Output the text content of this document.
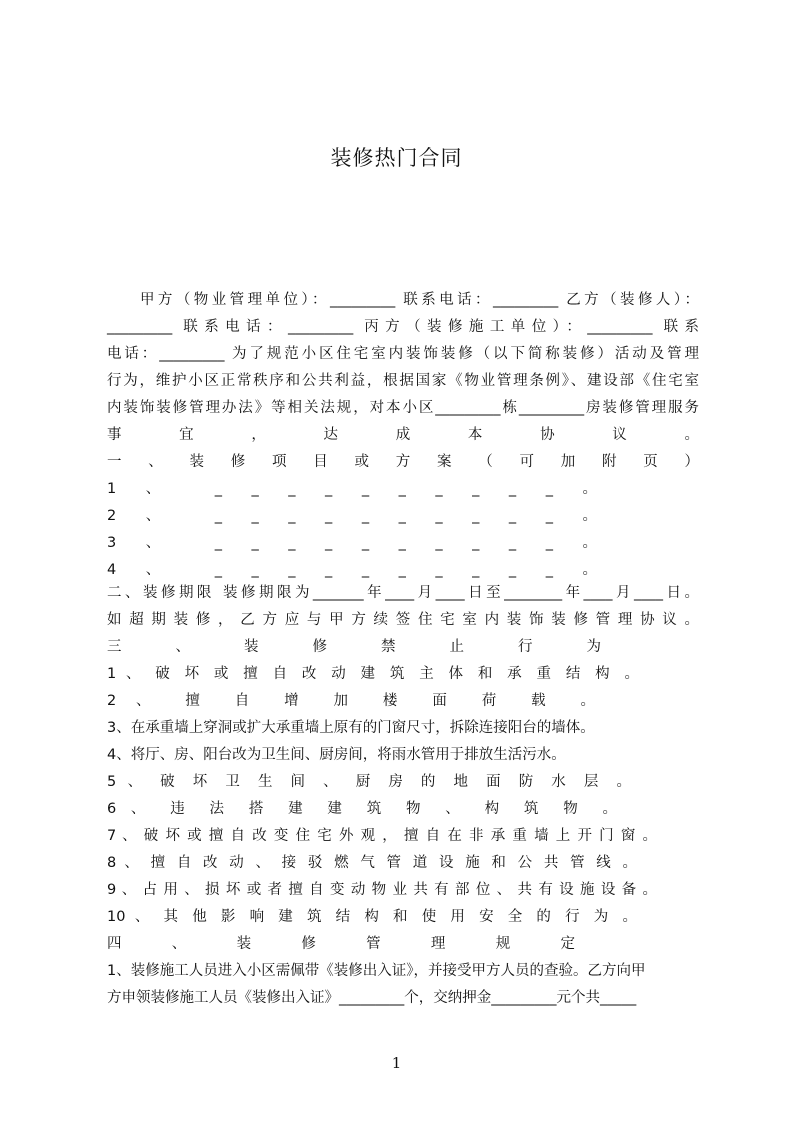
装修热门合同
甲方（物业管理单位）：_________ 联系电话：_________ 乙方（装修人）：
_________ 联系电话：_________ 丙方（装修施工单位）：_________ 联系
电话：_________ 为了规范小区住宅室内装饰装修（以下简称装修）活动及管理
行为，维护小区正常秩序和公共利益，根据国家《物业管理条例》、建设部《住宅室
内装饰装修管理办法》等相关法规，对本小区_________栋_________房装修管理服务
事 宜 ， 达 成 本 协 议 。
一 、 装 修 项 目 或 方 案 （ 可 加 附 页 ）
1 、 _ _ _ _ _ _ _ _ _ _ 。
2 、 _ _ _ _ _ _ _ _ _ _ 。
3 、 _ _ _ _ _ _ _ _ _ _ 。
4 、 _ _ _ _ _ _ _ _ _ _ 。
二、装修期限 装修期限为_______年____月____日至________年____月____日。
如超期装修，乙方应与甲方续签住宅室内装饰装修管理协议。
三 、 装 修 禁 止 行 为
1 、 破 坏 或 擅 自 改 动 建 筑 主 体 和 承 重 结 构 。
2 、 擅 自 增 加 楼 面 荷 载 。
3、在承重墙上穿洞或扩大承重墙上原有的门窗尺寸，拆除连接阳台的墙体。
4、将厅、房、阳台改为卫生间、厨房间，将雨水管用于排放生活污水。
5 、 破 坏 卫 生 间 、 厨 房 的 地 面 防 水 层 。
6 、 违 法 搭 建 建 筑 物 、 构 筑 物 。
7 、 破 坏 或 擅 自 改 变 住 宅 外 观 ， 擅 自 在 非 承 重 墙 上 开 门 窗 。
8 、 擅 自 改 动 、 接 驳 燃 气 管 道 设 施 和 公 共 管 线 。
9 、 占 用 、 损 坏 或 者 擅 自 变 动 物 业 共 有 部 位 、 共 有 设 施 设 备 。
10 、 其 他 影 响 建 筑 结 构 和 使 用 安 全 的 行 为 。
四 、 装 修 管 理 规 定
1、装修施工人员进入小区需佩带《装修出入证》，并接受甲方人员的查验。乙方向甲
方申领装修施工人员《装修出入证》_________个，交纳押金_________元个共_____
1
